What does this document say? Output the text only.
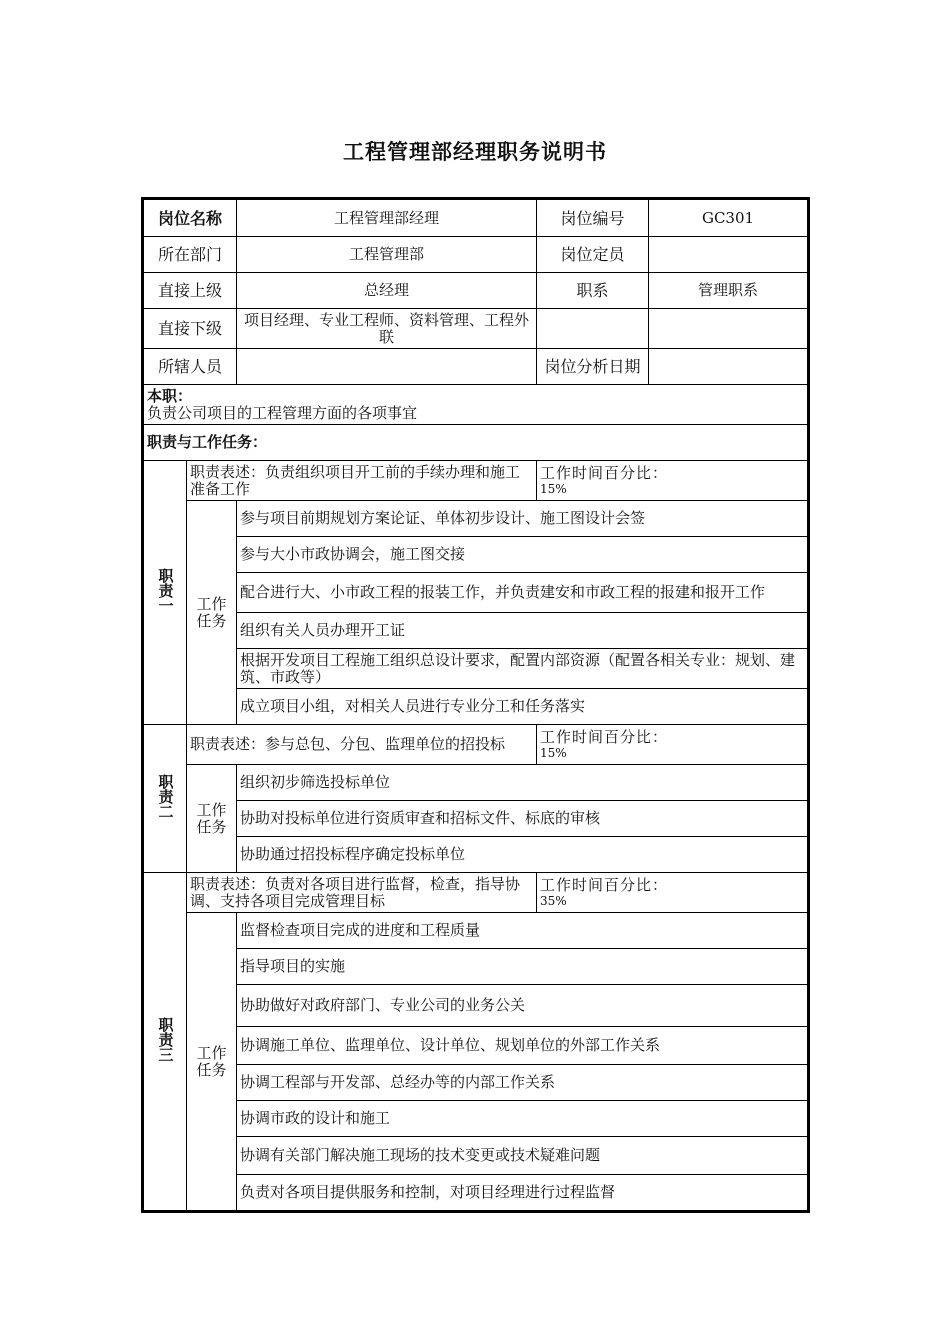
工程管理部经理职务说明书
岗位名称		工程管理部经理	岗位编号	GC301
所在部门		工程管理部	岗位定员	
直接上级		总经理	职系	管理职系
直接下级		项目经理、专业工程师、资料管理、工程外联		
所辖人员			岗位分析日期	

本职：
负责公司项目的工程管理方面的各项事宜				

职责与工作任务：				
职责一	职责表述：负责组织项目开工前的手续办理和施工准备工作		工作时间百分比：
15%	

	工作任务	参与项目前期规划方案论证、单体初步设计、施工图设计会签		
		参与大小市政协调会，施工图交接		
		配合进行大、小市政工程的报装工作，并负责建安和市政工程的报建和报开工作		
		组织有关人员办理开工证		
		根据开发项目工程施工组织总设计要求，配置内部资源（配置各相关专业：规划、建筑、市政等）		
		成立项目小组，对相关人员进行专业分工和任务落实		
职责二	职责表述：参与总包、分包、监理单位的招投标		工作时间百分比：
15%	

	工作任务	组织初步筛选投标单位		
		协助对投标单位进行资质审查和招标文件、标底的审核		
		协助通过招投标程序确定投标单位		
职责三	职责表述：负责对各项目进行监督，检查，指导协调、支持各项目完成管理目标		工作时间百分比：
35%	

	工作任务	监督检查项目完成的进度和工程质量		
		指导项目的实施		
		协助做好对政府部门、专业公司的业务公关		
		协调施工单位、监理单位、设计单位、规划单位的外部工作关系		
		协调工程部与开发部、总经办等的内部工作关系		
		协调市政的设计和施工		
		协调有关部门解决施工现场的技术变更或技术疑难问题		
		负责对各项目提供服务和控制，对项目经理进行过程监督		
